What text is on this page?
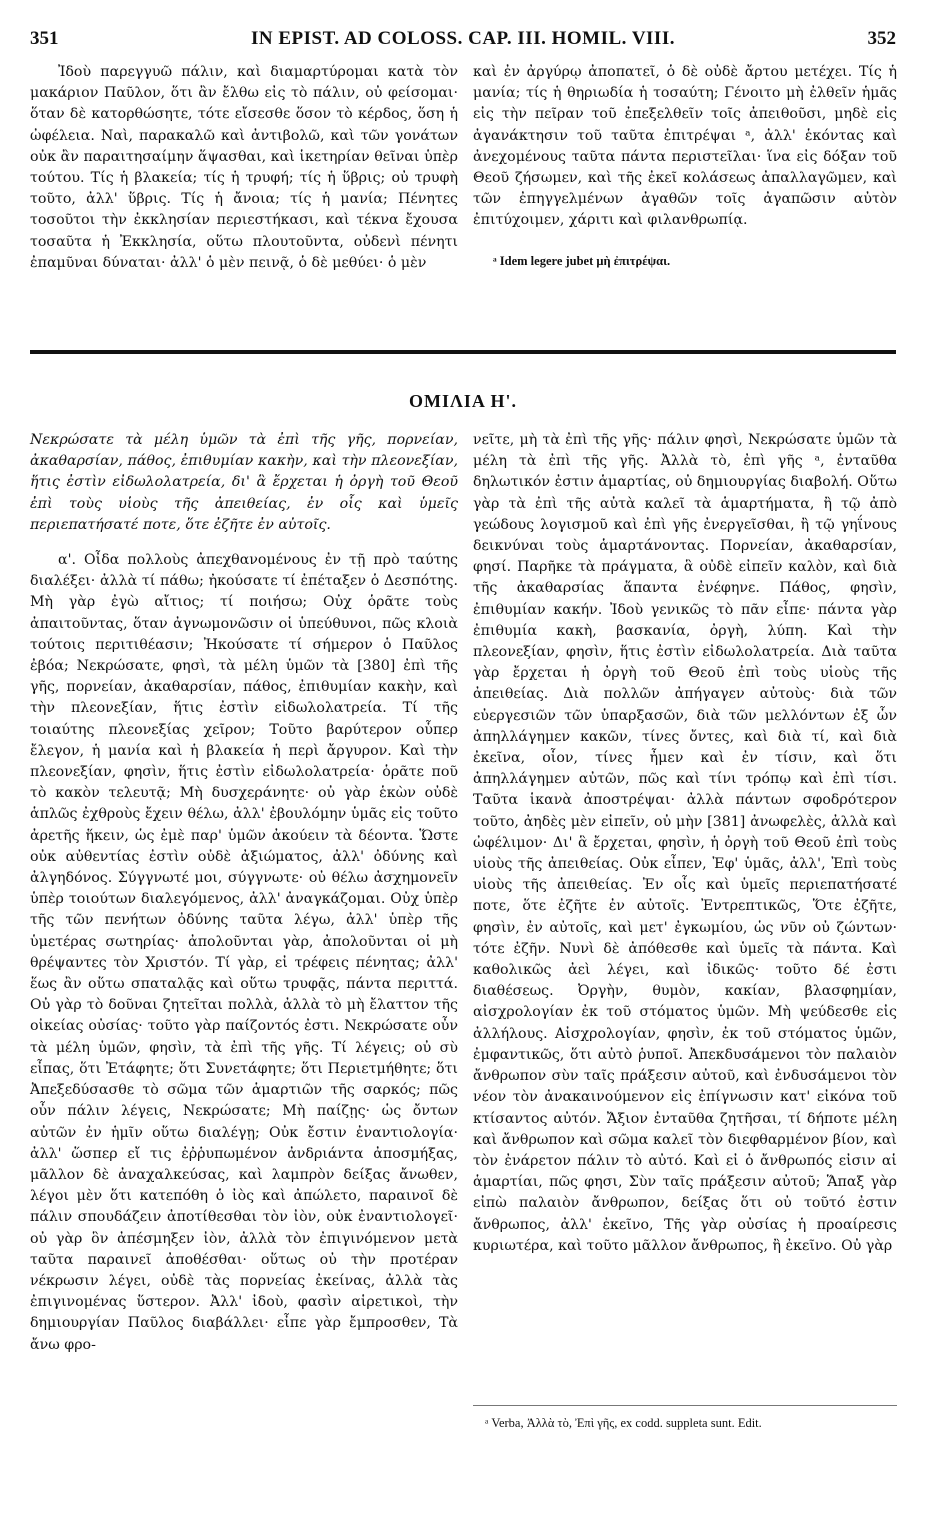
351	IN EPIST. AD COLOSS. CAP. III. HOMIL. VIII.	352

Ἰδοὺ παρεγγυῶ πάλιν, καὶ διαμαρτύρομαι κατὰ τὸν μακάριον Παῦλον, ὅτι ἂν ἔλθω εἰς τὸ πάλιν, οὐ φείσομαι· ὅταν δὲ κατορθώσητε, τότε εἴσεσθε ὅσον τὸ κέρδος, ὅση ἡ ὠφέλεια. Ναὶ, παρακαλῶ καὶ ἀντιβολῶ, καὶ τῶν γονάτων οὐκ ἂν παραιτησαίμην ἅψασθαι, καὶ ἱκετηρίαν θεῖναι ὑπὲρ τούτου. Τίς ἡ βλακεία; τίς ἡ τρυφή; τίς ἡ ὕβρις; οὐ τρυφὴ τοῦτο, ἀλλ' ὕβρις. Τίς ἡ ἄνοια; τίς ἡ μανία; Πένητες τοσοῦτοι τὴν ἐκκλησίαν περιεστήκασι, καὶ τέκνα ἔχουσα τοσαῦτα ἡ Ἐκκλησία, οὕτω πλουτοῦντα, οὐδενὶ πένητι ἐπαμῦναι δύναται· ἀλλ' ὁ μὲν πεινᾷ, ὁ δὲ μεθύει· ὁ μὲν

καὶ ἐν ἀργύρῳ ἀποπατεῖ, ὁ δὲ οὐδὲ ἄρτου μετέχει. Τίς ἡ μανία; τίς ἡ θηριωδία ἡ τοσαύτη; Γένοιτο μὴ ἐλθεῖν ἡμᾶς εἰς τὴν πεῖραν τοῦ ἐπεξελθεῖν τοῖς ἀπειθοῦσι, μηδὲ εἰς ἀγανάκτησιν τοῦ ταῦτα ἐπιτρέψαι ᵃ, ἀλλ' ἑκόντας καὶ ἀνεχομένους ταῦτα πάντα περιστεῖλαι· ἵνα εἰς δόξαν τοῦ Θεοῦ ζήσωμεν, καὶ τῆς ἐκεῖ κολάσεως ἀπαλλαγῶμεν, καὶ τῶν ἐπηγγελμένων ἀγαθῶν τοῖς ἀγαπῶσιν αὐτὸν ἐπιτύχοιμεν, χάριτι καὶ φιλανθρωπίᾳ.

ᵃ Idem legere jubet μὴ ἐπιτρέψαι.

ΟΜΙΛΙΑ Η'.

Νεκρώσατε τὰ μέλη ὑμῶν τὰ ἐπὶ τῆς γῆς, πορνείαν, ἀκαθαρσίαν, πάθος, ἐπιθυμίαν κακὴν, καὶ τὴν πλεονεξίαν, ἥτις ἐστὶν εἰδωλολατρεία, δι' ἃ ἔρχεται ἡ ὀργὴ τοῦ Θεοῦ ἐπὶ τοὺς υἱοὺς τῆς ἀπειθείας, ἐν οἷς καὶ ὑμεῖς περιεπατήσατέ ποτε, ὅτε ἐζῆτε ἐν αὐτοῖς.

α'. Οἶδα πολλοὺς ἀπεχθανομένους ἐν τῇ πρὸ ταύτης διαλέξει· ἀλλὰ τί πάθω; ἠκούσατε τί ἐπέταξεν ὁ Δεσπότης. Μὴ γὰρ ἐγὼ αἴτιος; τί ποιήσω; Οὐχ ὁρᾶτε τοὺς ἀπαιτοῦντας, ὅταν ἀγνωμονῶσιν οἱ ὑπεύθυνοι, πῶς κλοιὰ τούτοις περιτιθέασιν; Ἠκούσατε τί σήμερον ὁ Παῦλος ἐβόα; Νεκρώσατε, φησὶ, τὰ μέλη ὑμῶν τὰ [380] ἐπὶ τῆς γῆς, πορνείαν, ἀκαθαρσίαν, πάθος, ἐπιθυμίαν κακὴν, καὶ τὴν πλεονεξίαν, ἥτις ἐστὶν εἰδωλολατρεία. Τί τῆς τοιαύτης πλεονεξίας χεῖρον; Τοῦτο βαρύτερον οὗπερ ἔλεγον, ἡ μανία καὶ ἡ βλακεία ἡ περὶ ἄργυρον. Καὶ τὴν πλεονεξίαν, φησὶν, ἥτις ἐστὶν εἰδωλολατρεία· ὁρᾶτε ποῦ τὸ κακὸν τελευτᾷ; Μὴ δυσχεράνητε· οὐ γὰρ ἑκὼν οὐδὲ ἁπλῶς ἐχθροὺς ἔχειν θέλω, ἀλλ' ἐβουλόμην ὑμᾶς εἰς τοῦτο ἀρετῆς ἥκειν, ὡς ἐμὲ παρ' ὑμῶν ἀκούειν τὰ δέοντα. Ὥστε οὐκ αὐθεντίας ἐστὶν οὐδὲ ἀξιώματος, ἀλλ' ὀδύνης καὶ ἀλγηδόνος. Σύγγνωτέ μοι, σύγγνωτε· οὐ θέλω ἀσχημονεῖν ὑπὲρ τοιούτων διαλεγόμενος, ἀλλ' ἀναγκάζομαι. Οὐχ ὑπὲρ τῆς τῶν πενήτων ὀδύνης ταῦτα λέγω, ἀλλ' ὑπὲρ τῆς ὑμετέρας σωτηρίας· ἀπολοῦνται γὰρ, ἀπολοῦνται οἱ μὴ θρέψαντες τὸν Χριστόν. Τί γὰρ, εἰ τρέφεις πένητας; ἀλλ' ἕως ἂν οὕτω σπαταλᾷς καὶ οὕτω τρυφᾷς, πάντα περιττά. Οὐ γὰρ τὸ δοῦναι ζητεῖται πολλὰ, ἀλλὰ τὸ μὴ ἔλαττον τῆς οἰκείας οὐσίας· τοῦτο γὰρ παίζοντός ἐστι. Νεκρώσατε οὖν τὰ μέλη ὑμῶν, φησὶν, τὰ ἐπὶ τῆς γῆς. Τί λέγεις; οὐ σὺ εἶπας, ὅτι Ἐτάφητε; ὅτι Συνετάφητε; ὅτι Περιετμήθητε; ὅτι Ἀπεξεδύσασθε τὸ σῶμα τῶν ἁμαρτιῶν τῆς σαρκός; πῶς οὖν πάλιν λέγεις, Νεκρώσατε; Μὴ παίζῃς· ὡς ὄντων αὐτῶν ἐν ἡμῖν οὕτω διαλέγῃ; Οὐκ ἔστιν ἐναντιολογία· ἀλλ' ὥσπερ εἴ τις ἐῤῥυπωμένον ἀνδριάντα ἀποσμήξας, μᾶλλον δὲ ἀναχαλκεύσας, καὶ λαμπρὸν δείξας ἄνωθεν, λέγοι μὲν ὅτι κατεπόθη ὁ ἰὸς καὶ ἀπώλετο, παραινοῖ δὲ πάλιν σπουδάζειν ἀποτίθεσθαι τὸν ἰὸν, οὐκ ἐναντιολογεῖ· οὐ γὰρ ὃν ἀπέσμηξεν ἰὸν, ἀλλὰ τὸν ἐπιγινόμενον μετὰ ταῦτα παραινεῖ ἀποθέσθαι· οὕτως οὐ τὴν προτέραν νέκρωσιν λέγει, οὐδὲ τὰς πορνείας ἐκείνας, ἀλλὰ τὰς ἐπιγινομένας ὕστερον. Ἀλλ' ἰδοὺ, φασὶν αἱρετικοὶ, τὴν δημιουργίαν Παῦλος διαβάλλει· εἶπε γὰρ ἔμπροσθεν, Τὰ ἄνω φρο-

νεῖτε, μὴ τὰ ἐπὶ τῆς γῆς· πάλιν φησὶ, Νεκρώσατε ὑμῶν τὰ μέλη τὰ ἐπὶ τῆς γῆς. Ἀλλὰ τὸ, ἐπὶ γῆς ᵃ, ἐνταῦθα δηλωτικόν ἐστιν ἁμαρτίας, οὐ δημιουργίας διαβολή. Οὕτω γὰρ τὰ ἐπὶ τῆς αὐτὰ καλεῖ τὰ ἁμαρτήματα, ἢ τῷ ἀπὸ γεώδους λογισμοῦ καὶ ἐπὶ γῆς ἐνεργεῖσθαι, ἢ τῷ γηΐνους δεικνύναι τοὺς ἁμαρτάνοντας. Πορνείαν, ἀκαθαρσίαν, φησί. Παρῆκε τὰ πράγματα, ἃ οὐδὲ εἰπεῖν καλὸν, καὶ διὰ τῆς ἀκαθαρσίας ἅπαντα ἐνέφηνε. Πάθος, φησὶν, ἐπιθυμίαν κακήν. Ἰδοὺ γενικῶς τὸ πᾶν εἶπε· πάντα γὰρ ἐπιθυμία κακὴ, βασκανία, ὀργὴ, λύπη. Καὶ τὴν πλεονεξίαν, φησὶν, ἥτις ἐστὶν εἰδωλολατρεία. Διὰ ταῦτα γὰρ ἔρχεται ἡ ὀργὴ τοῦ Θεοῦ ἐπὶ τοὺς υἱοὺς τῆς ἀπειθείας. Διὰ πολλῶν ἀπήγαγεν αὐτοὺς· διὰ τῶν εὐεργεσιῶν τῶν ὑπαρξασῶν, διὰ τῶν μελλόντων ἐξ ὧν ἀπηλλάγημεν κακῶν, τίνες ὄντες, καὶ διὰ τί, καὶ διὰ ἐκεῖνα, οἷον, τίνες ἦμεν καὶ ἐν τίσιν, καὶ ὅτι ἀπηλλάγημεν αὐτῶν, πῶς καὶ τίνι τρόπῳ καὶ ἐπὶ τίσι. Ταῦτα ἱκανὰ ἀποστρέψαι· ἀλλὰ πάντων σφοδρότερον τοῦτο, ἀηδὲς μὲν εἰπεῖν, οὐ μὴν [381] ἀνωφελὲς, ἀλλὰ καὶ ὠφέλιμον· Δι' ἃ ἔρχεται, φησὶν, ἡ ὀργὴ τοῦ Θεοῦ ἐπὶ τοὺς υἱοὺς τῆς ἀπειθείας. Οὐκ εἶπεν, Ἐφ' ὑμᾶς, ἀλλ', Ἐπὶ τοὺς υἱοὺς τῆς ἀπειθείας. Ἐν οἷς καὶ ὑμεῖς περιεπατήσατέ ποτε, ὅτε ἐζῆτε ἐν αὐτοῖς. Ἐντρεπτικῶς, Ὅτε ἐζῆτε, φησὶν, ἐν αὐτοῖς, καὶ μετ' ἐγκωμίου, ὡς νῦν οὐ ζώντων· τότε ἐζῆν. Νυνὶ δὲ ἀπόθεσθε καὶ ὑμεῖς τὰ πάντα. Καὶ καθολικῶς ἀεὶ λέγει, καὶ ἰδικῶς· τοῦτο δέ ἐστι διαθέσεως. Ὀργὴν, θυμὸν, κακίαν, βλασφημίαν, αἰσχρολογίαν ἐκ τοῦ στόματος ὑμῶν. Μὴ ψεύδεσθε εἰς ἀλλήλους. Αἰσχρολογίαν, φησὶν, ἐκ τοῦ στόματος ὑμῶν, ἐμφαντικῶς, ὅτι αὐτὸ ῥυποῖ. Ἀπεκδυσάμενοι τὸν παλαιὸν ἄνθρωπον σὺν ταῖς πράξεσιν αὐτοῦ, καὶ ἐνδυσάμενοι τὸν νέον τὸν ἀνακαινούμενον εἰς ἐπίγνωσιν κατ' εἰκόνα τοῦ κτίσαντος αὐτόν. Ἄξιον ἐνταῦθα ζητῆσαι, τί δήποτε μέλη καὶ ἄνθρωπον καὶ σῶμα καλεῖ τὸν διεφθαρμένον βίον, καὶ τὸν ἐνάρετον πάλιν τὸ αὐτό. Καὶ εἰ ὁ ἄνθρωπός εἰσιν αἱ ἁμαρτίαι, πῶς φησι, Σὺν ταῖς πράξεσιν αὐτοῦ; Ἅπαξ γὰρ εἰπὼ παλαιὸν ἄνθρωπον, δείξας ὅτι οὐ τοῦτό ἐστιν ἄνθρωπος, ἀλλ' ἐκεῖνο, Τῆς γὰρ οὐσίας ἡ προαίρεσις κυριωτέρα, καὶ τοῦτο μᾶλλον ἄνθρωπος, ἢ ἐκεῖνο. Οὐ γὰρ

ᵃ Verba, Ἀλλὰ τὸ, Ἐπὶ γῆς, ex codd. suppleta sunt. Edit.
